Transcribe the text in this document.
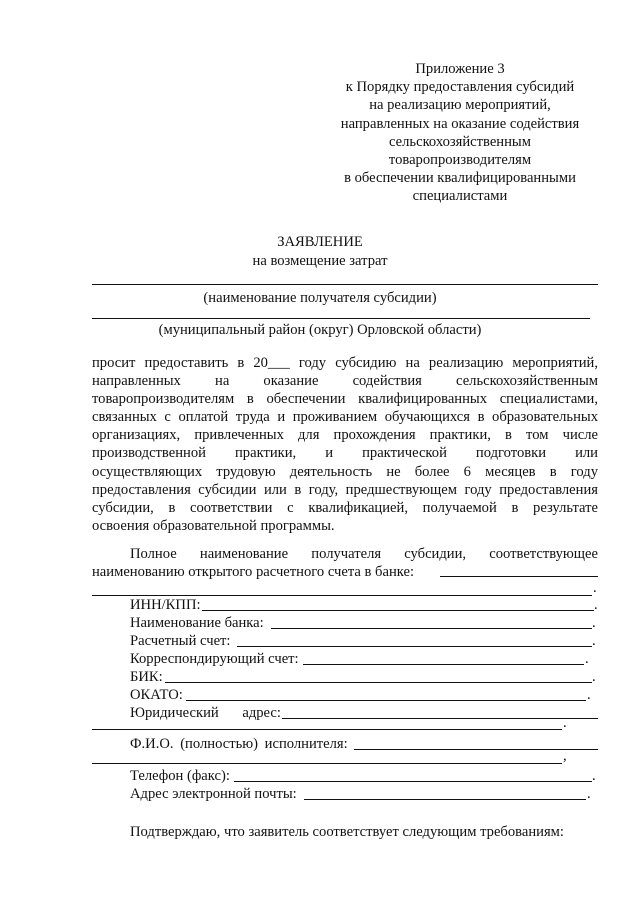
Приложение 3
к Порядку предоставления субсидий
на реализацию мероприятий,
направленных на оказание содействия
сельскохозяйственным
товаропроизводителям
в обеспечении квалифицированными
специалистами
ЗАЯВЛЕНИЕ
на возмещение затрат
(наименование получателя субсидии)
(муниципальный район (округ) Орловской области)
просит предоставить в 20___ году субсидию на реализацию мероприятий,
направленных на оказание содействия сельскохозяйственным
товаропроизводителям в обеспечении квалифицированных специалистами,
связанных с оплатой труда и проживанием обучающихся в образовательных
организациях, привлеченных для прохождения практики, в том числе
производственной практики, и практической подготовки или
осуществляющих трудовую деятельность не более 6 месяцев в году
предоставления субсидии или в году, предшествующем году предоставления
субсидии, в соответствии с квалификацией, получаемой в результате
освоения образовательной программы.
Полное наименование получателя субсидии, соответствующее
наименованию открытого расчетного счета в банке:
.
ИНН/КПП:	.
Наименование банка:	.
Расчетный счет:	.
Корреспондирующий счет:	.
БИК:	.
ОКАТО:	.
Юридический адрес:
.
Ф.И.О. (полностью) исполнителя:
,
Телефон (факс):	.
Адрес электронной почты:	.
Подтверждаю, что заявитель соответствует следующим требованиям:
